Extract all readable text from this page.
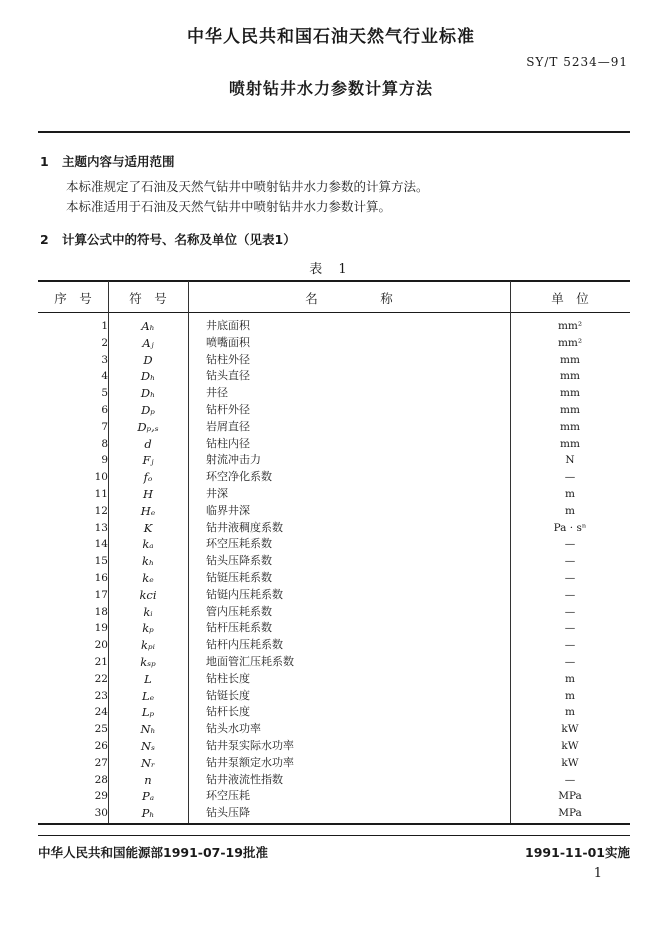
中华人民共和国石油天然气行业标准
SY/T 5234—91
喷射钻井水力参数计算方法
1 主题内容与适用范围
本标准规定了石油及天然气钻井中喷射钻井水力参数的计算方法。
本标准适用于石油及天然气钻井中喷射钻井水力参数计算。
2 计算公式中的符号、名称及单位（见表1）
表 1
序　号	符　号	名　　　　　称	单　位
1	Aₕ	井底面积	mm²
2	Aⱼ	喷嘴面积	mm²
3	D	钻柱外径	mm
4	Dₕ	钻头直径	mm
5	Dₕ	井径	mm
6	Dₚ	钻杆外径	mm
7	Dₚ,ₛ	岩屑直径	mm
8	d	钻柱内径	mm
9	Fⱼ	射流冲击力	N
10	fₒ	环空净化系数	—
11	H	井深	m
12	Hₑ	临界井深	m
13	K	钻井液稠度系数	Pa · sⁿ
14	kₐ	环空压耗系数	—
15	kₕ	钻头压降系数	—
16	kₑ	钻铤压耗系数	—
17	kci	钻铤内压耗系数	—
18	kᵢ	管内压耗系数	—
19	kₚ	钻杆压耗系数	—
20	kₚᵢ	钻杆内压耗系数	—
21	kₛₚ	地面管汇压耗系数	—
22	L	钻柱长度	m
23	Lₑ	钻铤长度	m
24	Lₚ	钻杆长度	m
25	Nₕ	钻头水功率	kW
26	Nₛ	钻井泵实际水功率	kW
27	Nᵣ	钻井泵额定水功率	kW
28	n	钻井液流性指数	—
29	Pₐ	环空压耗	MPa
30	Pₕ	钻头压降	MPa
中华人民共和国能源部1991-07-19批准	1991-11-01实施
1
